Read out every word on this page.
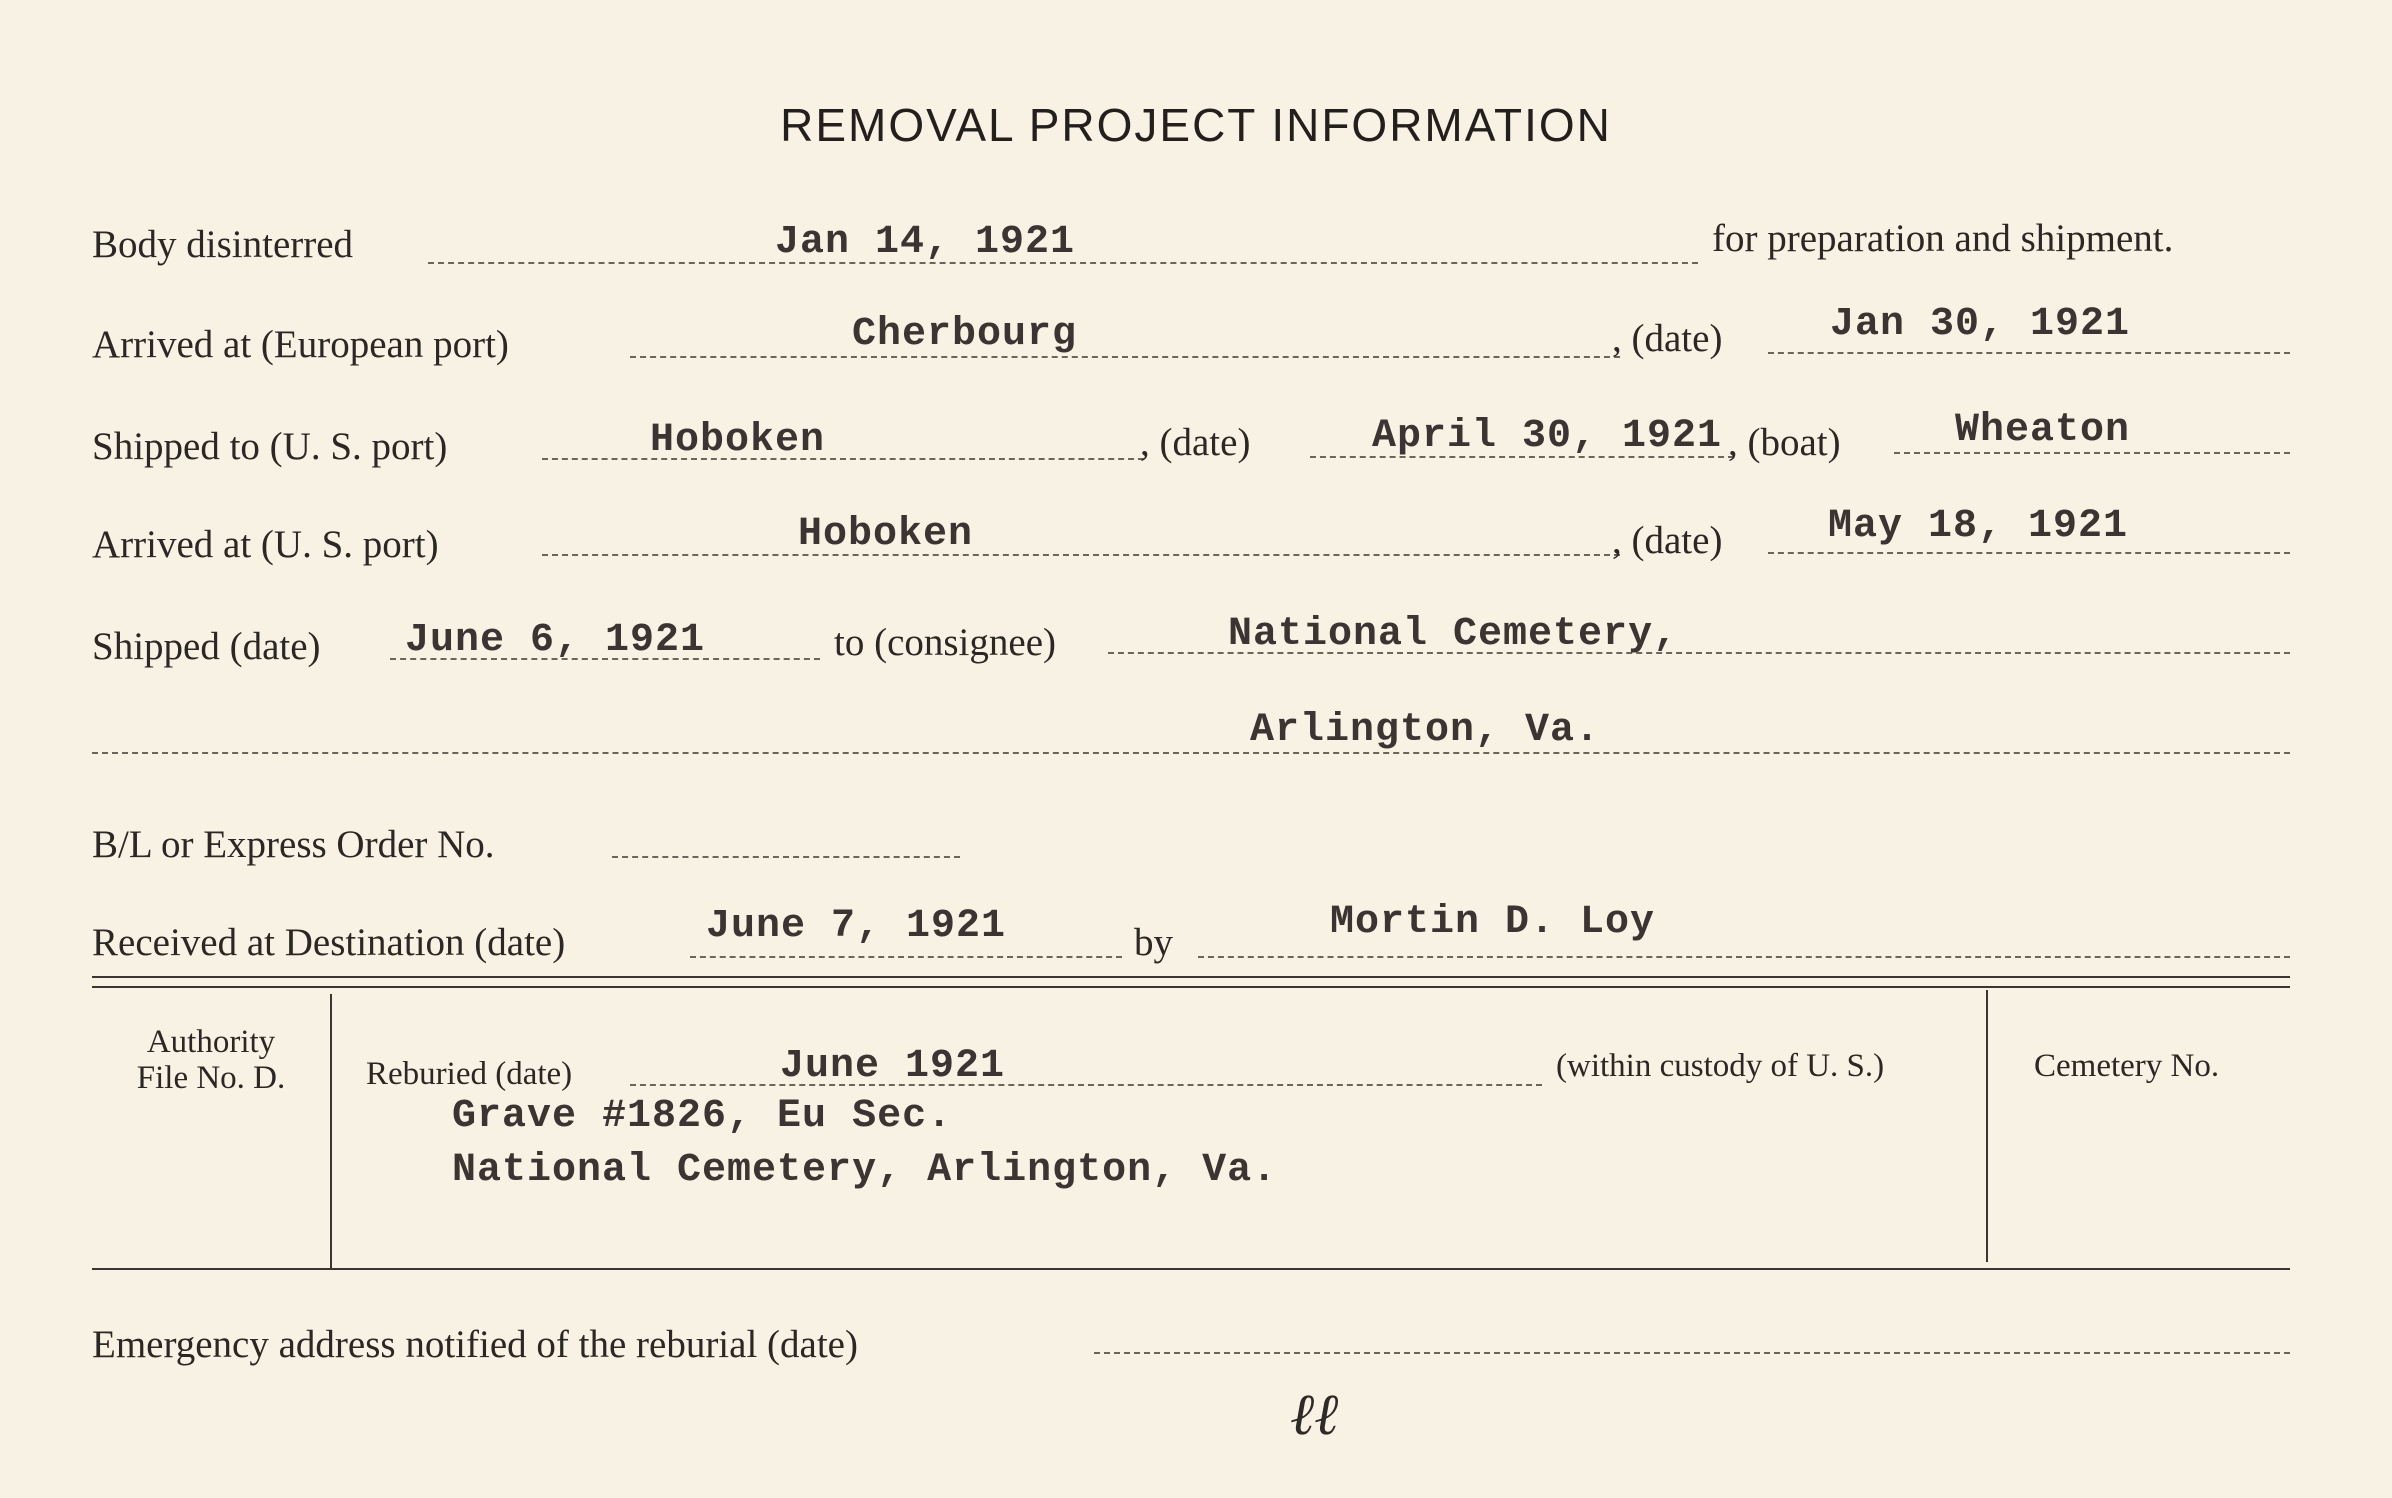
REMOVAL PROJECT INFORMATION
Body disinterred	Jan 14, 1921	for preparation and shipment.
Arrived at (European port)	Cherbourg	, (date)	Jan 30, 1921
Shipped to (U. S. port)	Hoboken	, (date)	April 30, 1921 , (boat)	Wheaton
Arrived at (U. S. port)	Hoboken	, (date)	May 18, 1921
Shipped (date) June 6, 1921	to (consignee)	National Cemetery,
Arlington, Va.
B/L or Express Order No.
Received at Destination (date)	June 7, 1921	by	Mortin D. Loy
Authority
File No. D.	Reburied (date)	June 1921	(within custody of U. S.)	Cemetery No.
Grave #1826, Eu Sec.
National Cemetery, Arlington, Va.
Emergency address notified of the reburial (date)
ℓℓ
